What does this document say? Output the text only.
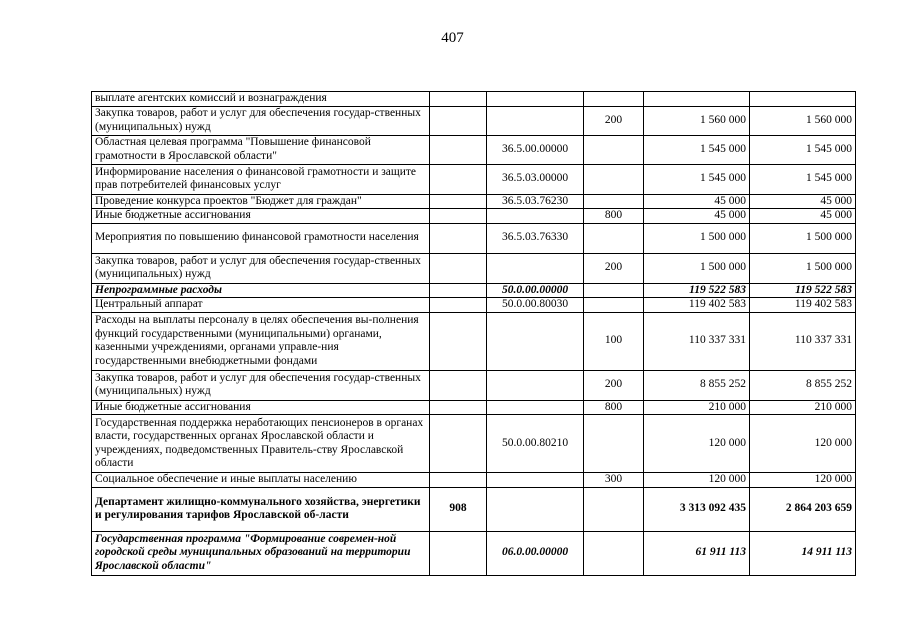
407
выплате агентских комиссий и вознаграждения					
Закупка товаров, работ и услуг для обеспечения государ-ственных (муниципальных) нужд			200	1 560 000	1 560 000
Областная целевая программа "Повышение финансовой грамотности в Ярославской области"		36.5.00.00000		1 545 000	1 545 000
Информирование населения о финансовой грамотности и защите прав потребителей финансовых услуг		36.5.03.00000		1 545 000	1 545 000
Проведение конкурса проектов "Бюджет для граждан"		36.5.03.76230		45 000	45 000
Иные бюджетные ассигнования			800	45 000	45 000
Мероприятия по повышению финансовой грамотности населения		36.5.03.76330		1 500 000	1 500 000
Закупка товаров, работ и услуг для обеспечения государ-ственных (муниципальных) нужд			200	1 500 000	1 500 000
Непрограммные расходы		50.0.00.00000		119 522 583	119 522 583
Центральный аппарат		50.0.00.80030		119 402 583	119 402 583
Расходы на выплаты персоналу в целях обеспечения вы-полнения функций государственными (муниципальными) органами, казенными учреждениями, органами управле-ния государственными внебюджетными фондами			100	110 337 331	110 337 331
Закупка товаров, работ и услуг для обеспечения государ-ственных (муниципальных) нужд			200	8 855 252	8 855 252
Иные бюджетные ассигнования			800	210 000	210 000
Государственная поддержка неработающих пенсионеров в органах власти, государственных органах Ярославской области и учреждениях, подведомственных Правитель-ству Ярославской области		50.0.00.80210		120 000	120 000
Социальное обеспечение и иные выплаты населению			300	120 000	120 000
Департамент жилищно-коммунального хозяйства, энергетики и регулирования тарифов Ярославской об-ласти	908			3 313 092 435	2 864 203 659
Государственная программа "Формирование современ-ной городской среды муниципальных образований на территории Ярославской области"		06.0.00.00000		61 911 113	14 911 113
